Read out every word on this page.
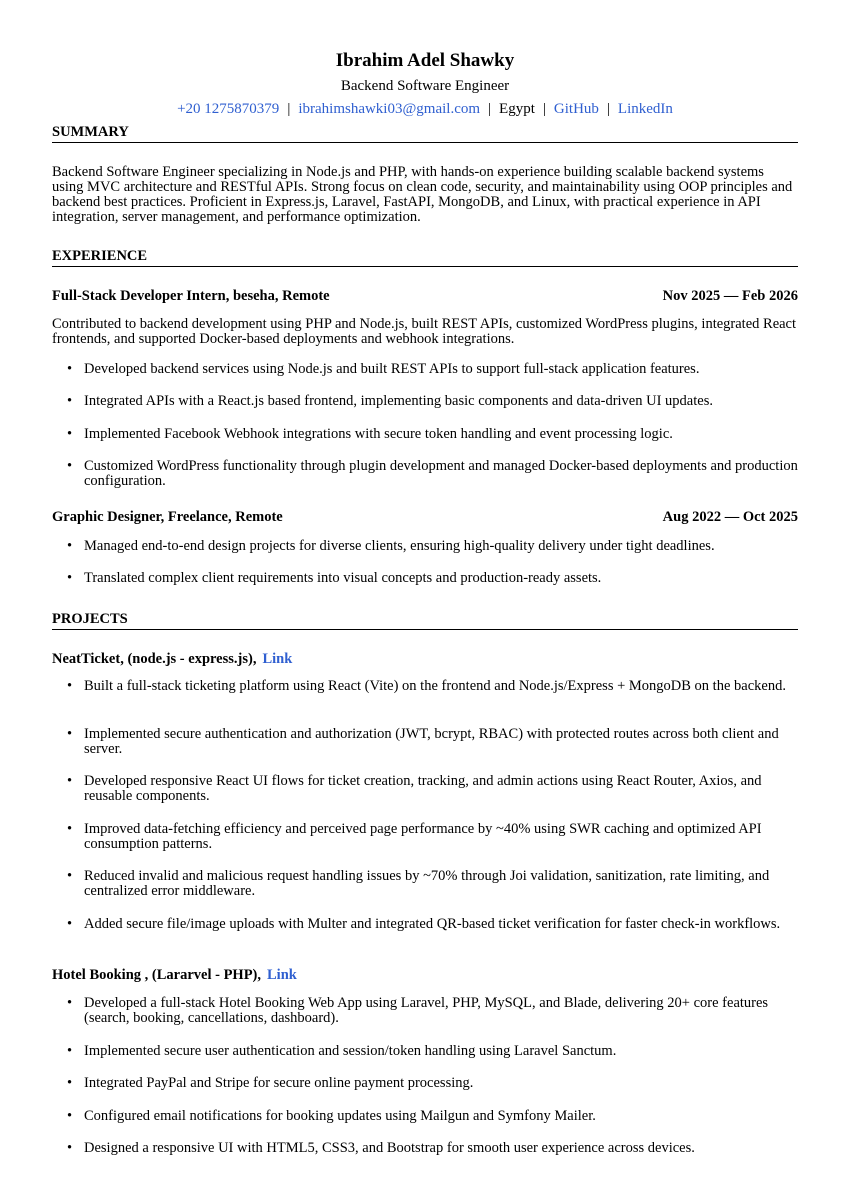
Ibrahim Adel Shawky
Backend Software Engineer
+20 1275870379 | ibrahimshawki03@gmail.com | Egypt | GitHub | LinkedIn
SUMMARY
Backend Software Engineer specializing in Node.js and PHP, with hands-on experience building scalable backend systems using MVC architecture and RESTful APIs. Strong focus on clean code, security, and maintainability using OOP principles and backend best practices. Proficient in Express.js, Laravel, FastAPI, MongoDB, and Linux, with practical experience in API integration, server management, and performance optimization.
EXPERIENCE
Full-Stack Developer Intern, beseha, Remote	Nov 2025 — Feb 2026
Contributed to backend development using PHP and Node.js, built REST APIs, customized WordPress plugins, integrated React frontends, and supported Docker-based deployments and webhook integrations.
• Developed backend services using Node.js and built REST APIs to support full-stack application features.
• Integrated APIs with a React.js based frontend, implementing basic components and data-driven UI updates.
• Implemented Facebook Webhook integrations with secure token handling and event processing logic.
• Customized WordPress functionality through plugin development and managed Docker-based deployments and production configuration.
Graphic Designer, Freelance, Remote	Aug 2022 — Oct 2025
• Managed end-to-end design projects for diverse clients, ensuring high-quality delivery under tight deadlines.
• Translated complex client requirements into visual concepts and production-ready assets.
PROJECTS
NeatTicket, (node.js - express.js), Link
• Built a full-stack ticketing platform using React (Vite) on the frontend and Node.js/Express + MongoDB on the backend.
• Implemented secure authentication and authorization (JWT, bcrypt, RBAC) with protected routes across both client and server.
• Developed responsive React UI flows for ticket creation, tracking, and admin actions using React Router, Axios, and reusable components.
• Improved data-fetching efficiency and perceived page performance by ~40% using SWR caching and optimized API consumption patterns.
• Reduced invalid and malicious request handling issues by ~70% through Joi validation, sanitization, rate limiting, and centralized error middleware.
• Added secure file/image uploads with Multer and integrated QR-based ticket verification for faster check-in workflows.
Hotel Booking , (Lararvel - PHP), Link
• Developed a full-stack Hotel Booking Web App using Laravel, PHP, MySQL, and Blade, delivering 20+ core features (search, booking, cancellations, dashboard).
• Implemented secure user authentication and session/token handling using Laravel Sanctum.
• Integrated PayPal and Stripe for secure online payment processing.
• Configured email notifications for booking updates using Mailgun and Symfony Mailer.
• Designed a responsive UI with HTML5, CSS3, and Bootstrap for smooth user experience across devices.
